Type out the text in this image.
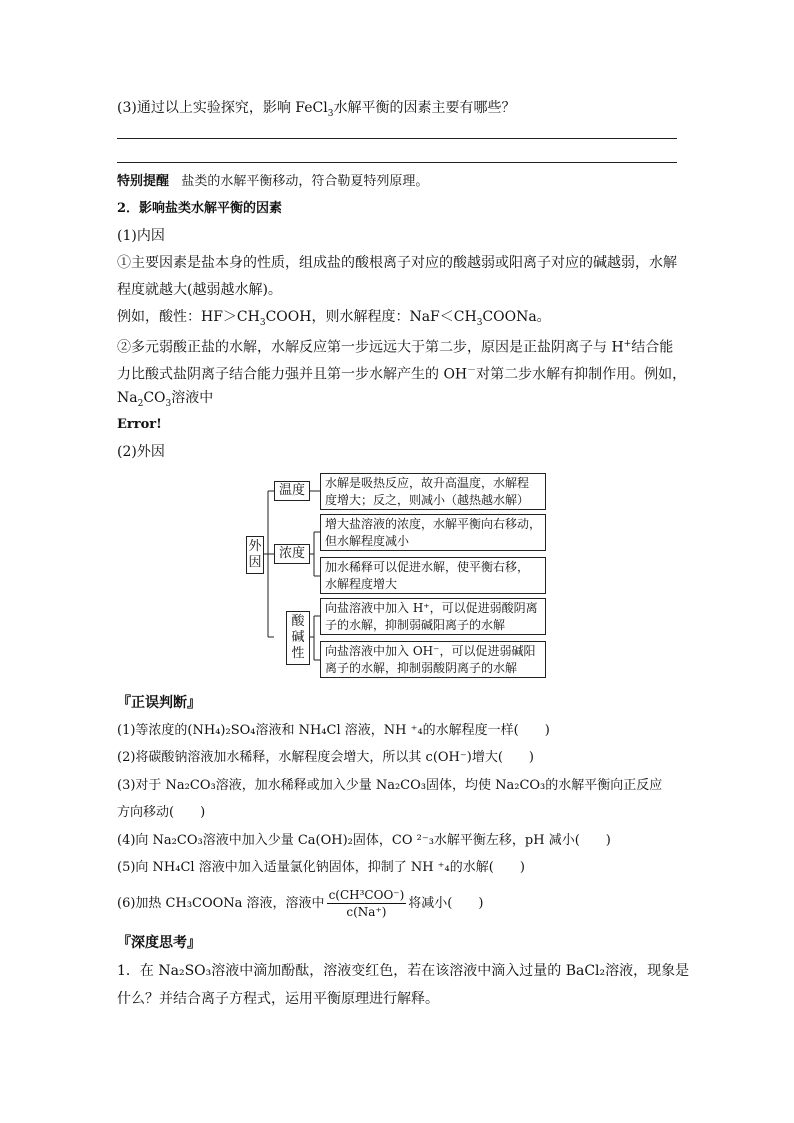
(3)通过以上实验探究，影响 FeCl$_3$水解平衡的因素主要有哪些？
特别提醒 盐类的水解平衡移动，符合勒夏特列原理。
2．影响盐类水解平衡的因素
(1)内因
①主要因素是盐本身的性质，组成盐的酸根离子对应的酸越弱或阳离子对应的碱越弱，水解
程度就越大(越弱越水解)。
例如，酸性：$HF>CH_3COOH$，则水解程度：$NaF<CH_3COONa$。
②多元弱酸正盐的水解，水解反应第一步远远大于第二步，原因是正盐阴离子与 H+结合能
力比酸式盐阴离子结合能力强并且第一步水解产生的 OH－对第二步水解有抑制作用。例如，
$Na_2CO_3$溶液中
Error!
(2)外因
外
因
温度	水解是吸热反应，故升高温度，水解程
度增大；反之，则减小（越热越水解）
浓度
增大盐溶液的浓度，水解平衡向右移动，
但水解程度减小
加水稀释可以促进水解，使平衡右移，
水解程度增大
酸
碱
性
向盐溶液中加入 H⁺，可以促进弱酸阴离
子的水解，抑制弱碱阳离子的水解
向盐溶液中加入 OH⁻，可以促进弱碱阳
离子的水解，抑制弱酸阴离子的水解
『正误判断』
(1)等浓度的(NH₄)₂SO₄溶液和 NH₄Cl 溶液，NH ⁺₄的水解程度一样(　　)
(2)将碳酸钠溶液加水稀释，水解程度会增大，所以其 c(OH⁻)增大(　　)
(3)对于 Na₂CO₃溶液，加水稀释或加入少量 Na₂CO₃固体，均使 Na₂CO₃的水解平衡向正反应
方向移动(　　)
(4)向 Na₂CO₃溶液中加入少量 Ca(OH)₂固体，CO ²⁻₃水解平衡左移，pH 减小(　　)
(5)向 NH₄Cl 溶液中加入适量氯化钠固体，抑制了 NH ⁺₄的水解(　　)
(6)加热 CH₃COONa 溶液，溶液中 $\frac{\text{c(CH³COO⁻)}}{c(Na^+)}$ 将减小(　　)
『深度思考』
1．在 Na₂SO₃溶液中滴加酚酞，溶液变红色，若在该溶液中滴入过量的 BaCl₂溶液，现象是
什么？并结合离子方程式，运用平衡原理进行解释。
